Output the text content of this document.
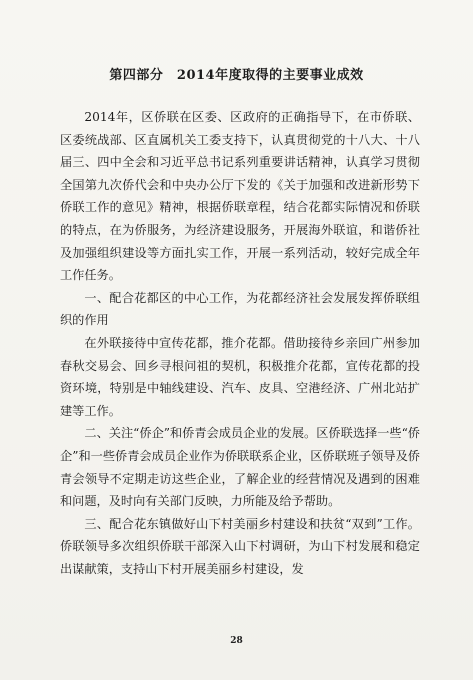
第四部分　2014年度取得的主要事业成效

2014年，区侨联在区委、区政府的正确指导下，在市侨联、区委统战部、区直属机关工委支持下，认真贯彻党的十八大、十八届三、四中全会和习近平总书记系列重要讲话精神，认真学习贯彻全国第九次侨代会和中央办公厅下发的《关于加强和改进新形势下侨联工作的意见》精神，根据侨联章程，结合花都实际情况和侨联的特点，在为侨服务，为经济建设服务，开展海外联谊，和谐侨社及加强组织建设等方面扎实工作，开展一系列活动，较好完成全年工作任务。

一、配合花都区的中心工作，为花都经济社会发展发挥侨联组织的作用

在外联接待中宣传花都，推介花都。借助接待乡亲回广州参加春秋交易会、回乡寻根问祖的契机，积极推介花都，宣传花都的投资环境，特别是中轴线建设、汽车、皮具、空港经济、广州北站扩建等工作。

二、关注“侨企”和侨青会成员企业的发展。区侨联选择一些“侨企”和一些侨青会成员企业作为侨联联系企业，区侨联班子领导及侨青会领导不定期走访这些企业，了解企业的经营情况及遇到的困难和问题，及时向有关部门反映，力所能及给予帮助。

三、配合花东镇做好山下村美丽乡村建设和扶贫“双到”工作。侨联领导多次组织侨联干部深入山下村调研，为山下村发展和稳定出谋献策，支持山下村开展美丽乡村建设，发

28
